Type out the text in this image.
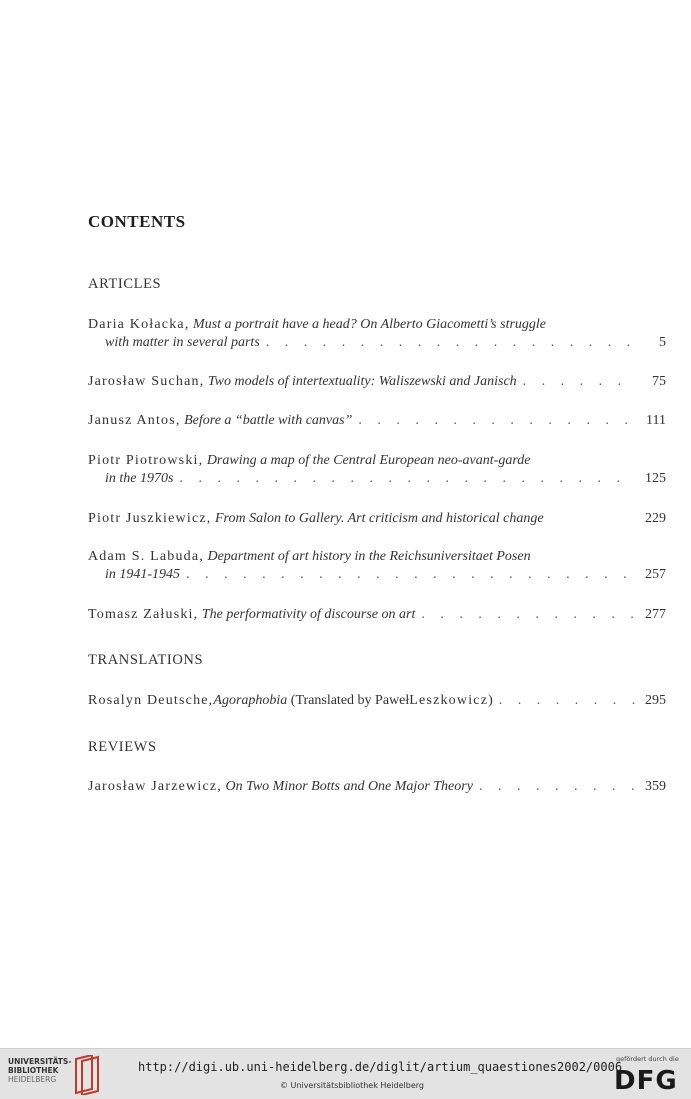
CONTENTS
ARTICLES
Daria Kołacka,
Must a portrait have a head? On Alberto Giacometti’s struggle
with matter in several parts . . .	5
Jarosław Suchan,
Two models of intertextuality: Waliszewski and Janisch . . .	75
Janusz Antos,
Before a “battle with canvas” . . .	111
Piotr Piotrowski,
Drawing a map of the Central European neo-avant-garde
in the 1970s . . .	125
Piotr Juszkiewicz,
From Salon to Gallery. Art criticism and historical change	229
Adam S. Labuda,
Department of art history in the Reichsuniversitaet Posen
in 1941-1945 . . .	257
Tomasz Załuski,
The performativity of discourse on art . . .	277
TRANSLATIONS
Rosalyn Deutsche, Agoraphobia
(Translated by Paweł Leszkowicz ) . . .	295
REVIEWS
Jarosław Jarzewicz,
On Two Minor Botts and One Major Theory . . .	359
UNIVERSITÄTS-
BIBLIOTHEK
HEIDELBERG
http://digi.ub.uni-heidelberg.de/diglit/artium_quaestiones2002/0006
© Universitätsbibliothek Heidelberg
gefördert durch die
DFG
